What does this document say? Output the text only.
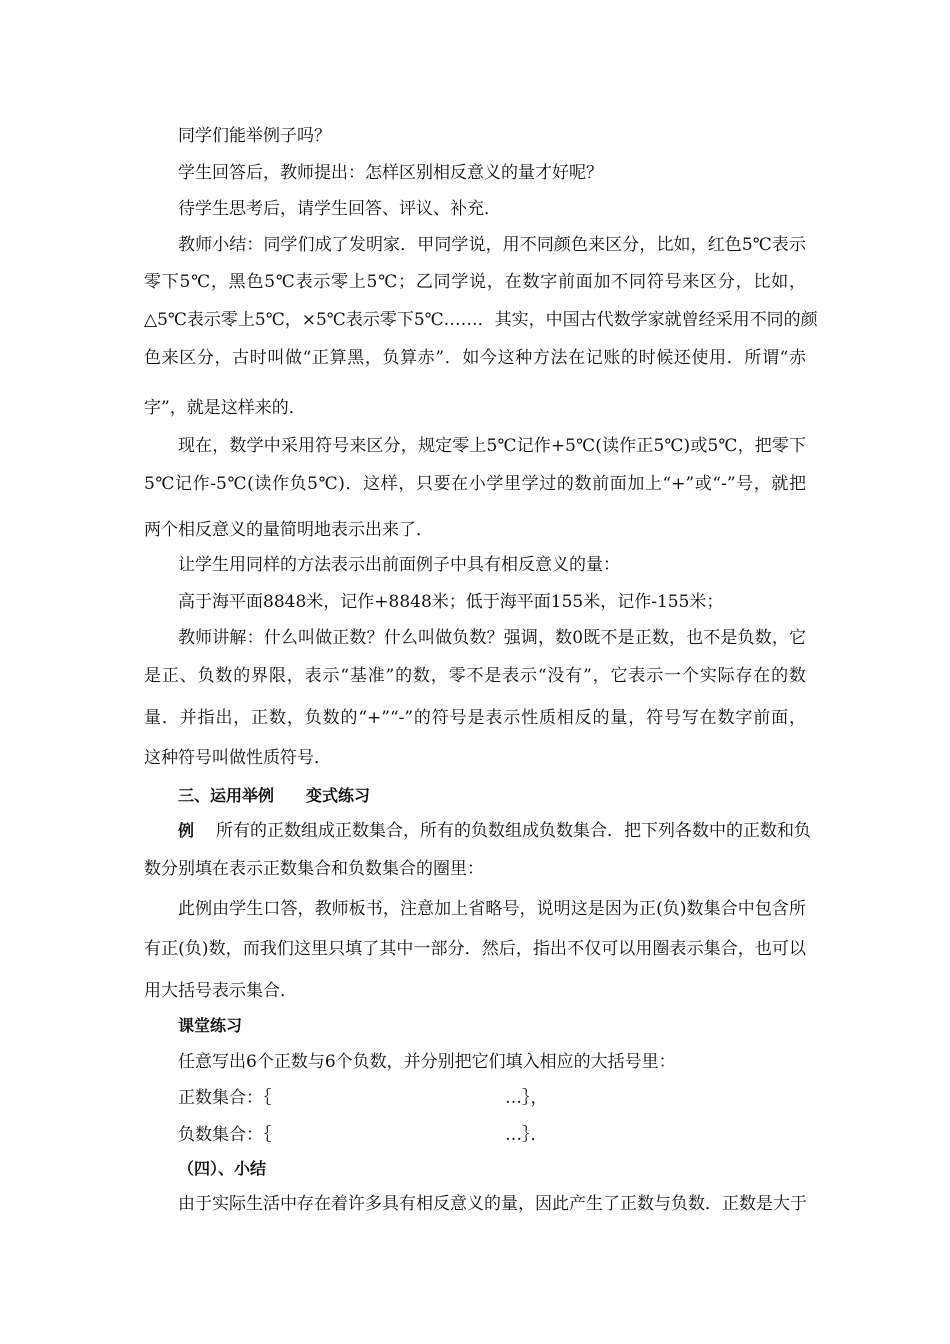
同学们能举例子吗？
学生回答后，教师提出：怎样区别相反意义的量才好呢？
待学生思考后，请学生回答、评议、补充．
教师小结：同学们成了发明家．甲同学说，用不同颜色来区分，比如，红色5℃表示
零下5℃，黑色5℃表示零上5℃；乙同学说，在数字前面加不同符号来区分，比如，
△5℃表示零上5℃，×5℃表示零下5℃……．其实，中国古代数学家就曾经采用不同的颜
色来区分，古时叫做“正算黑，负算赤”．如今这种方法在记账的时候还使用．所谓“赤
字”，就是这样来的．
现在，数学中采用符号来区分，规定零上5℃记作+5℃(读作正5℃)或5℃，把零下
5℃记作-5℃(读作负5℃)．这样，只要在小学里学过的数前面加上“+”或“-”号，就把
两个相反意义的量简明地表示出来了．
让学生用同样的方法表示出前面例子中具有相反意义的量：
高于海平面8848米，记作+8848米；低于海平面155米，记作-155米；
教师讲解：什么叫做正数？什么叫做负数？强调，数0既不是正数，也不是负数，它
是正、负数的界限，表示“基准”的数，零不是表示“没有”，它表示一个实际存在的数
量．并指出，正数，负数的“+”“-”的符号是表示性质相反的量，符号写在数字前面，
这种符号叫做性质符号．
三、运用举例　　变式练习
例 所有的正数组成正数集合，所有的负数组成负数集合．把下列各数中的正数和负
数分别填在表示正数集合和负数集合的圈里：
此例由学生口答，教师板书，注意加上省略号，说明这是因为正(负)数集合中包含所
有正(负)数，而我们这里只填了其中一部分．然后，指出不仅可以用圈表示集合，也可以
用大括号表示集合．
课堂练习
任意写出6个正数与6个负数，并分别把它们填入相应的大括号里：
正数集合：｛	…｝，
负数集合：｛	…｝．
（四）、小结
由于实际生活中存在着许多具有相反意义的量，因此产生了正数与负数．正数是大于
